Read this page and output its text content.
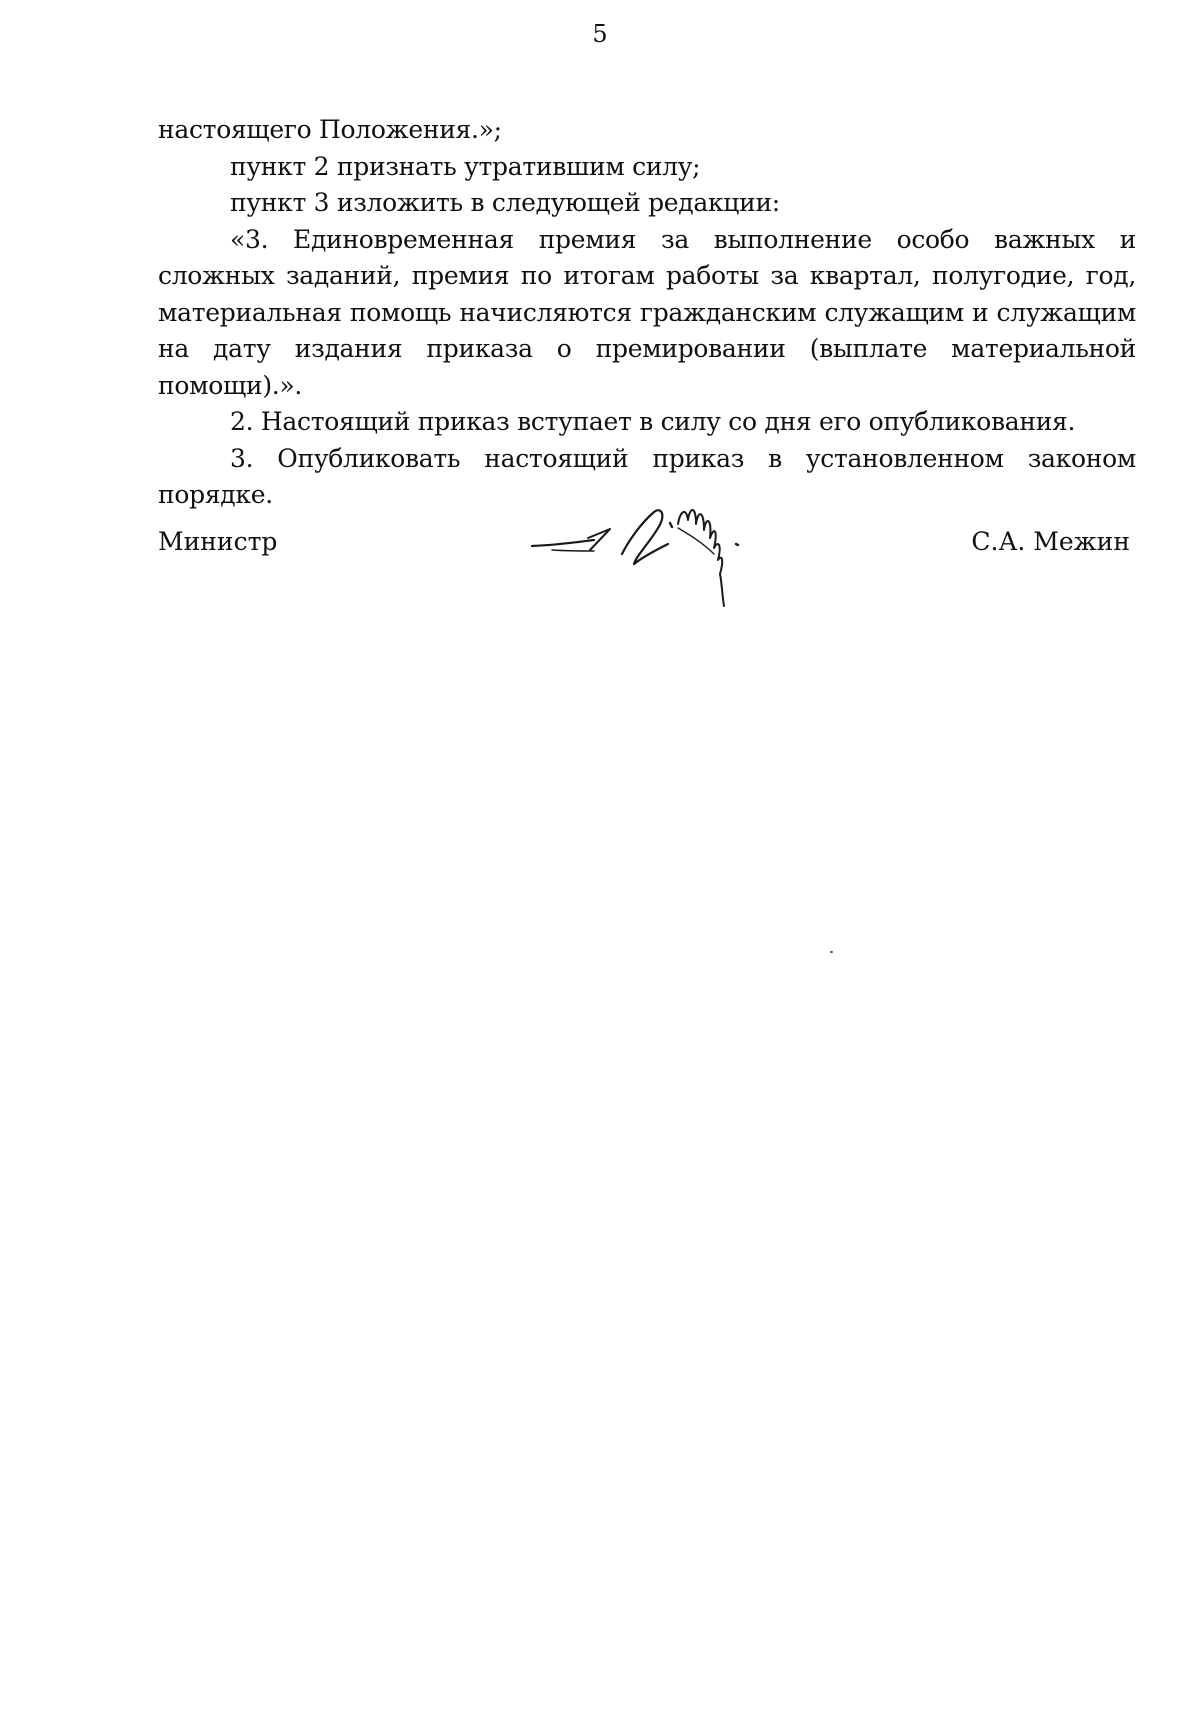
5

настоящего Положения.»;

пункт 2 признать утратившим силу;

пункт 3 изложить в следующей редакции:

«3. Единовременная премия за выполнение особо важных и сложных заданий, премия по итогам работы за квартал, полугодие, год, материальная помощь начисляются гражданским служащим и служащим на дату издания приказа о премировании (выплате материальной помощи).».

2. Настоящий приказ вступает в силу со дня его опубликования.

3. Опубликовать настоящий приказ в установленном законом порядке.

Министр	С.А. Межин
